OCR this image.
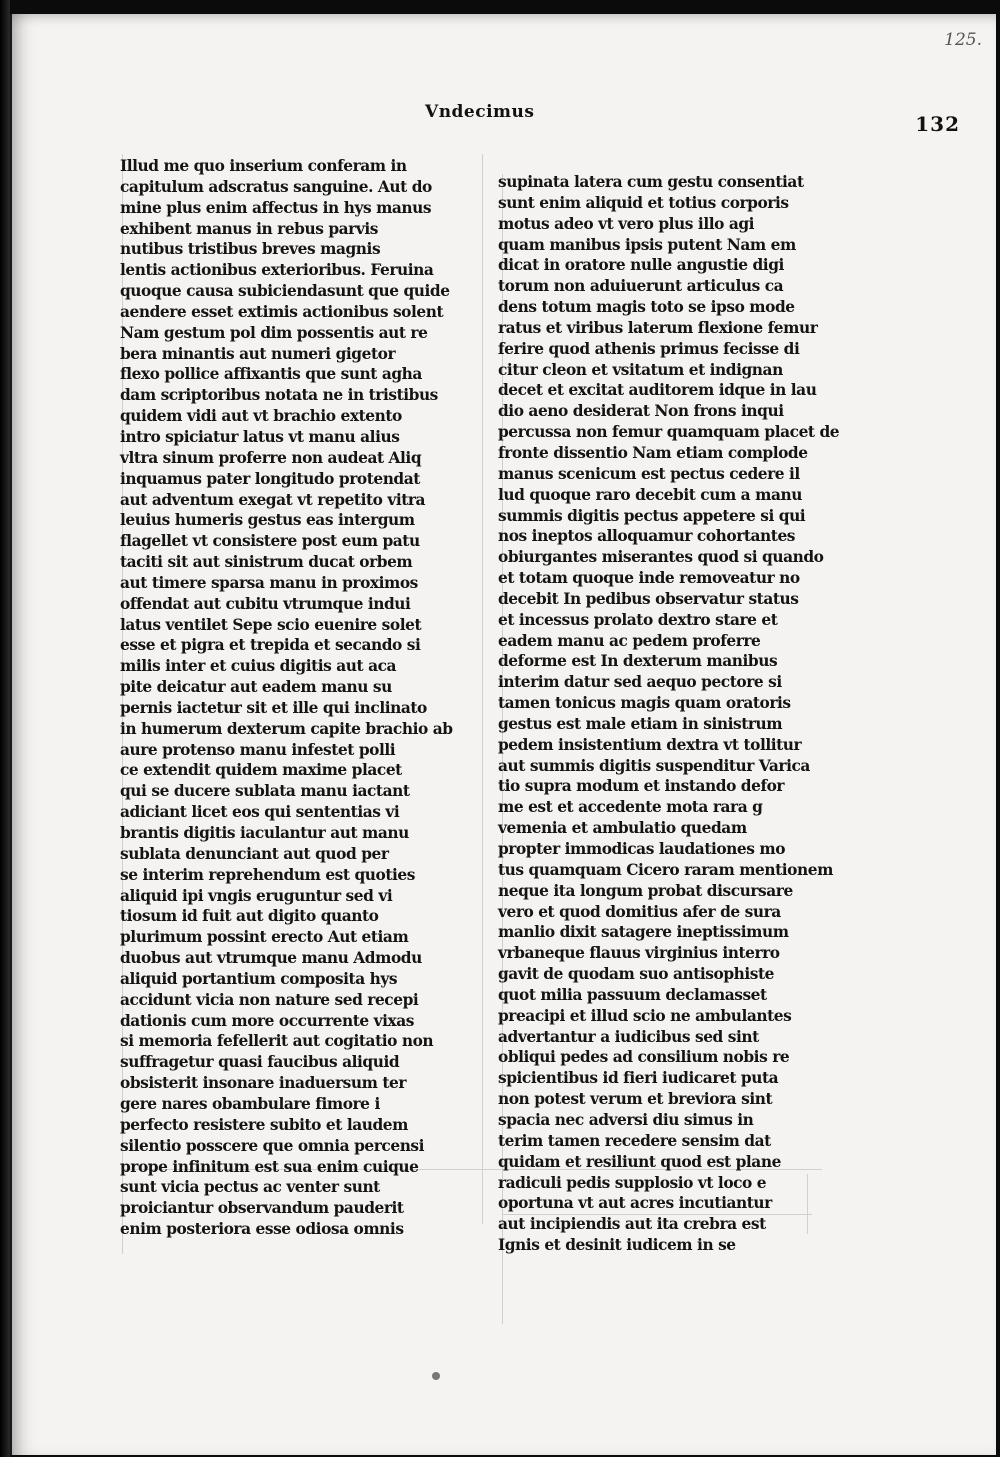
125.
132
Vndecimus
Illud me quo inserium conferam in
capitulum adscratus sanguine. Aut do
mine plus enim affectus in hys manus
exhibent manus in rebus parvis
nutibus tristibus breves magnis
lentis actionibus exterioribus. Feruina
quoque causa subiciendasunt que quide
aendere esset extimis actionibus solent
Nam gestum pol dim possentis aut re
bera minantis aut numeri gigetor
flexo pollice affixantis que sunt agha
dam scriptoribus notata ne in tristibus
quidem vidi aut vt brachio extento
intro spiciatur latus vt manu alius
vltra sinum proferre non audeat Aliq
inquamus pater longitudo protendat
aut adventum exegat vt repetito vitra
leuius humeris gestus eas intergum
flagellet vt consistere post eum patu
taciti sit aut sinistrum ducat orbem
aut timere sparsa manu in proximos
offendat aut cubitu vtrumque indui
latus ventilet Sepe scio euenire solet
esse et pigra et trepida et secando si
milis inter et cuius digitis aut aca
pite deicatur aut eadem manu su
pernis iactetur sit et ille qui inclinato
in humerum dexterum capite brachio ab
aure protenso manu infestet polli
ce extendit quidem maxime placet
qui se ducere sublata manu iactant
adiciant licet eos qui sententias vi
brantis digitis iaculantur aut manu
sublata denunciant aut quod per
se interim reprehendum est quoties
aliquid ipi vngis eruguntur sed vi
tiosum id fuit aut digito quanto
plurimum possint erecto Aut etiam
duobus aut vtrumque manu Admodu
aliquid portantium composita hys
accidunt vicia non nature sed recepi
dationis cum more occurrente vixas
si memoria fefellerit aut cogitatio non
suffragetur quasi faucibus aliquid
obsisterit insonare inaduersum ter
gere nares obambulare fimore i
perfecto resistere subito et laudem
silentio posscere que omnia percensi
prope infinitum est sua enim cuique
sunt vicia pectus ac venter sunt
proiciantur observandum pauderit
enim posteriora esse odiosa omnis
supinata latera cum gestu consentiat
sunt enim aliquid et totius corporis
motus adeo vt vero plus illo agi
quam manibus ipsis putent Nam em
dicat in oratore nulle angustie digi
torum non aduiuerunt articulus ca
dens totum magis toto se ipso mode
ratus et viribus laterum flexione femur
ferire quod athenis primus fecisse di
citur cleon et vsitatum et indignan
decet et excitat auditorem idque in lau
dio aeno desiderat Non frons inqui
percussa non femur quamquam placet de
fronte dissentio Nam etiam complode
manus scenicum est pectus cedere il
lud quoque raro decebit cum a manu
summis digitis pectus appetere si qui
nos ineptos alloquamur cohortantes
obiurgantes miserantes quod si quando
et totam quoque inde removeatur no
decebit In pedibus observatur status
et incessus prolato dextro stare et
eadem manu ac pedem proferre
deforme est In dexterum manibus
interim datur sed aequo pectore si
tamen tonicus magis quam oratoris
gestus est male etiam in sinistrum
pedem insistentium dextra vt tollitur
aut summis digitis suspenditur Varica
tio supra modum et instando defor
me est et accedente mota rara g
vemenia et ambulatio quedam
propter immodicas laudationes mo
tus quamquam Cicero raram mentionem
neque ita longum probat discursare
vero et quod domitius afer de sura
manlio dixit satagere ineptissimum
vrbaneque flauus virginius interro
gavit de quodam suo antisophiste
quot milia passuum declamasset
preacipi et illud scio ne ambulantes
advertantur a iudicibus sed sint
obliqui pedes ad consilium nobis re
spicientibus id fieri iudicaret puta
non potest verum et breviora sint
spacia nec adversi diu simus in
terim tamen recedere sensim dat
quidam et resiliunt quod est plane
radiculi pedis supplosio vt loco e
oportuna vt aut acres incutiantur
aut incipiendis aut ita crebra est
Ignis et desinit iudicem in se
